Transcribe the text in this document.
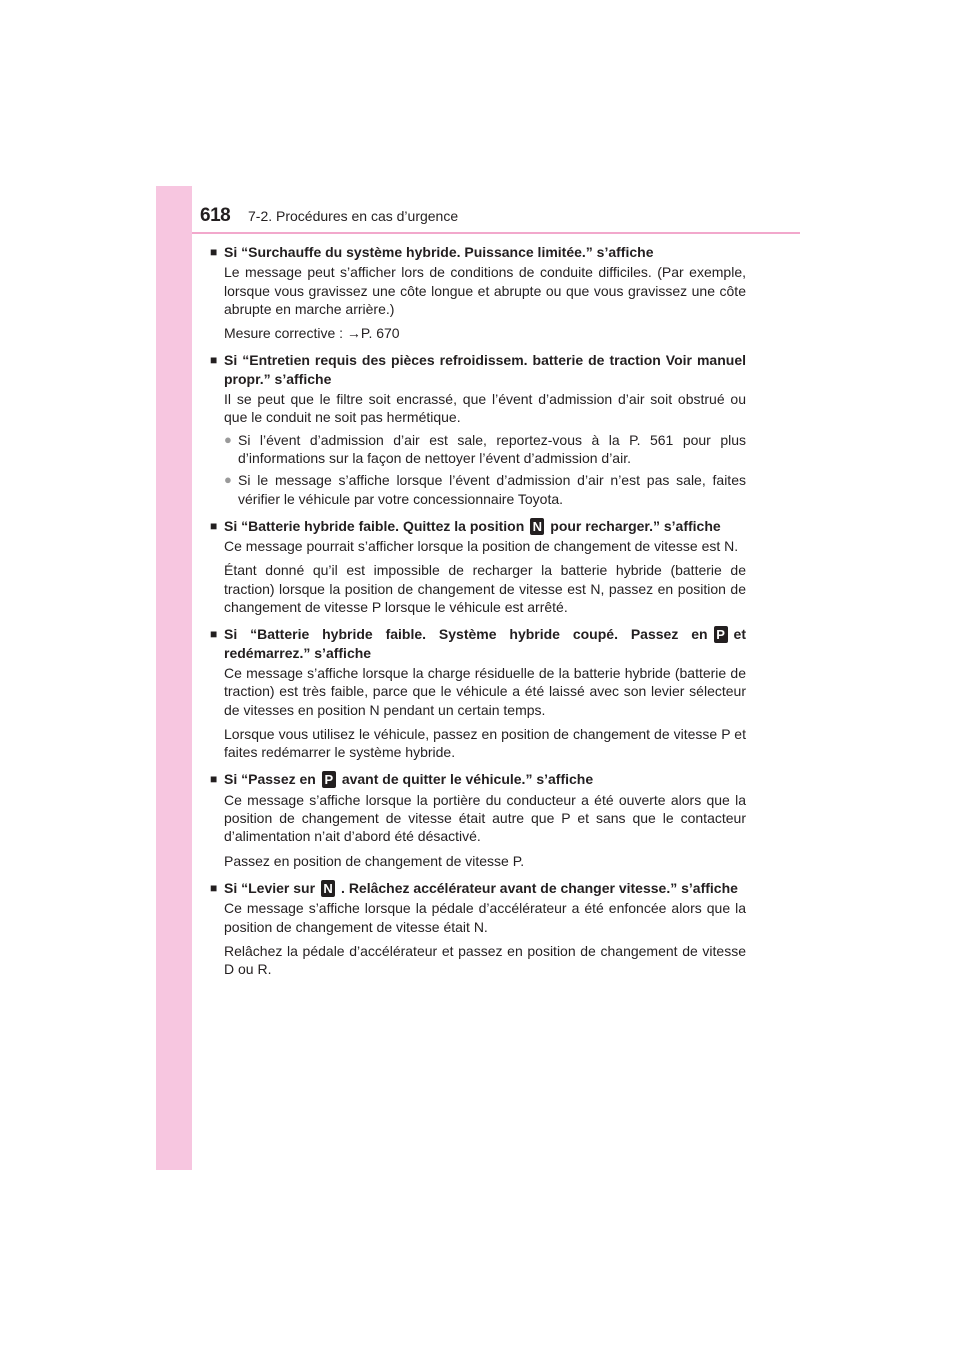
618 7-2. Procédures en cas d’urgence
■ Si “Surchauffe du système hybride. Puissance limitée.” s’affiche

Le message peut s’afficher lors de conditions de conduite difficiles. (Par exemple, lorsque vous gravissez une côte longue et abrupte ou que vous gravissez une côte abrupte en marche arrière.)

Mesure corrective : →P. 670

■ Si “Entretien requis des pièces refroidissem. batterie de traction Voir manuel propr.” s’affiche

Il se peut que le filtre soit encrassé, que l’évent d’admission d’air soit obstrué ou que le conduit ne soit pas hermétique.

● Si l’évent d’admission d’air est sale, reportez-vous à la P. 561 pour plus d’informations sur la façon de nettoyer l’évent d’admission d’air.
● Si le message s’affiche lorsque l’évent d’admission d’air n’est pas sale, faites vérifier le véhicule par votre concessionnaire Toyota.
■ Si “Batterie hybride faible. Quittez la position N pour recharger.” s’affiche

Ce message pourrait s’afficher lorsque la position de changement de vitesse est N.

Étant donné qu’il est impossible de recharger la batterie hybride (batterie de traction) lorsque la position de changement de vitesse est N, passez en position de changement de vitesse P lorsque le véhicule est arrêté.

■ Si “Batterie hybride faible. Système hybride coupé. Passez en P et redémarrez.” s’affiche

Ce message s’affiche lorsque la charge résiduelle de la batterie hybride (batterie de traction) est très faible, parce que le véhicule a été laissé avec son levier sélecteur de vitesses en position N pendant un certain temps.

Lorsque vous utilisez le véhicule, passez en position de changement de vitesse P et faites redémarrer le système hybride.

■ Si “Passez en P avant de quitter le véhicule.” s’affiche

Ce message s’affiche lorsque la portière du conducteur a été ouverte alors que la position de changement de vitesse était autre que P et sans que le contacteur d’alimentation n’ait d’abord été désactivé.

Passez en position de changement de vitesse P.

■ Si “Levier sur N . Relâchez accélérateur avant de changer vitesse.” s’affiche

Ce message s’affiche lorsque la pédale d’accélérateur a été enfoncée alors que la position de changement de vitesse était N.

Relâchez la pédale d’accélérateur et passez en position de changement de vitesse D ou R.
